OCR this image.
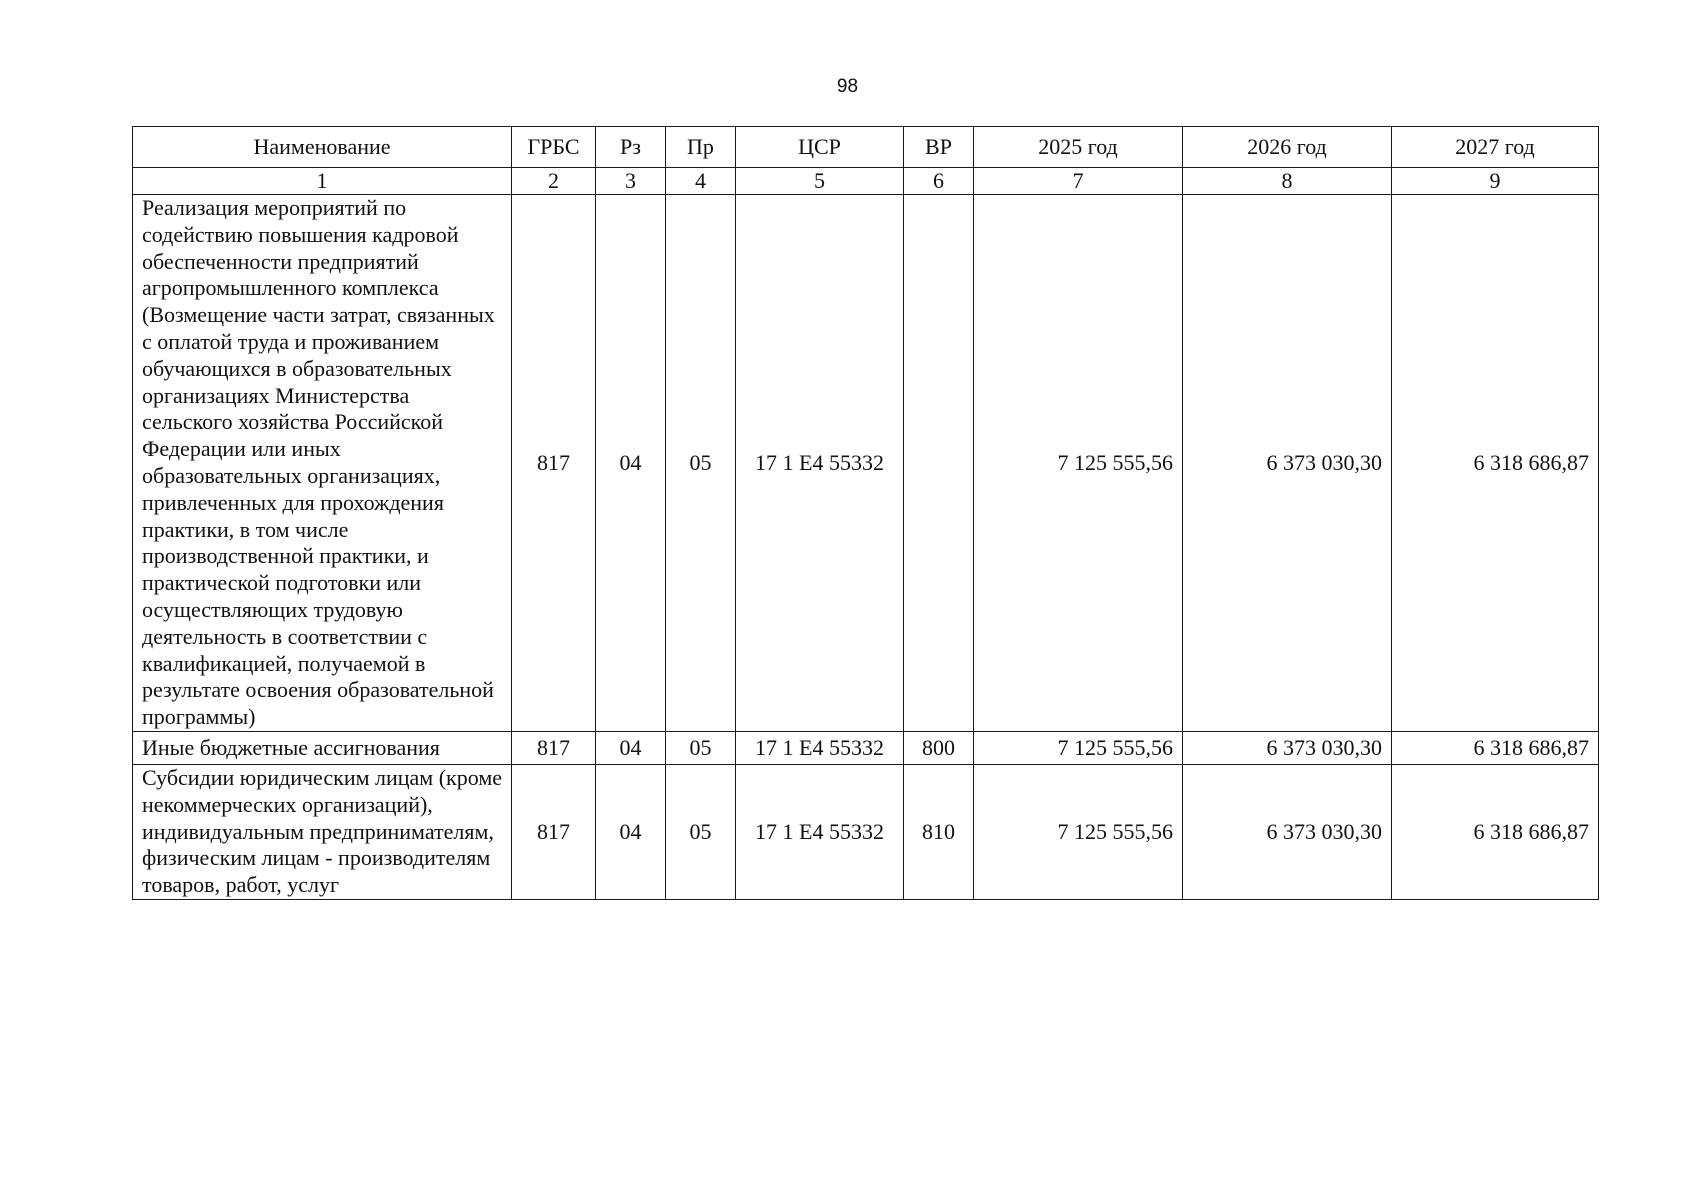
98
Наименование	ГРБС	Рз	Пр	ЦСР	ВР	2025 год	2026 год	2027 год
1	2	3	4	5	6	7	8	9
Реализация мероприятий по содействию повышения кадровой обеспеченности предприятий агропромышленного комплекса (Возмещение части затрат, связанных с оплатой труда и проживанием обучающихся в образовательных организациях Министерства сельского хозяйства Российской Федерации или иных образовательных организациях, привлеченных для прохождения практики, в том числе производственной практики, и практической подготовки или осуществляющих трудовую деятельность в соответствии с квалификацией, получаемой в результате освоения образовательной программы)	817	04	05	17 1 Е4 55332		7 125 555,56	6 373 030,30	6 318 686,87
Иные бюджетные ассигнования	817	04	05	17 1 Е4 55332	800	7 125 555,56	6 373 030,30	6 318 686,87
Субсидии юридическим лицам (кроме некоммерческих организаций), индивидуальным предпринимателям, физическим лицам - производителям товаров, работ, услуг	817	04	05	17 1 Е4 55332	810	7 125 555,56	6 373 030,30	6 318 686,87
